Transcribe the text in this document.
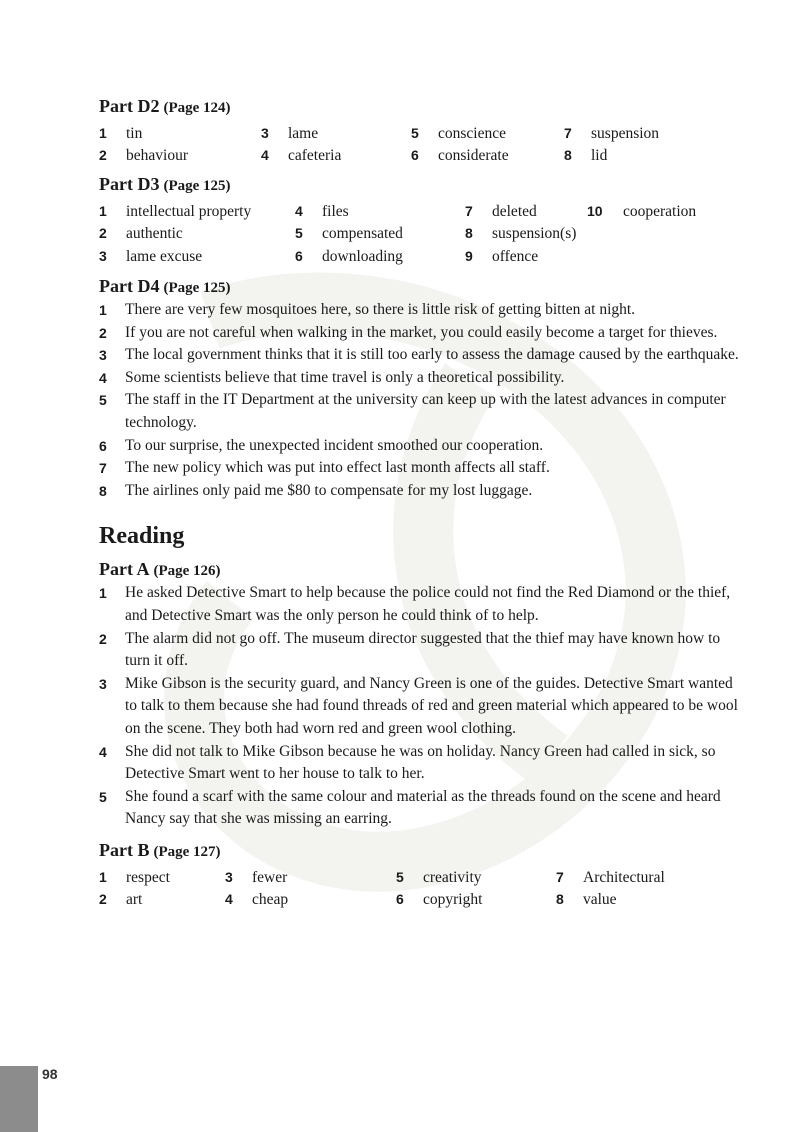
Part D2 (Page 124)
1 tin
2 behaviour
3 lame
4 cafeteria
5 conscience
6 considerate
7 suspension
8 lid
Part D3 (Page 125)
1 intellectual property
2 authentic
3 lame excuse
4 files
5 compensated
6 downloading
7 deleted
8 suspension(s)
9 offence
10 cooperation
Part D4 (Page 125)
1 There are very few mosquitoes here, so there is little risk of getting bitten at night.
2 If you are not careful when walking in the market, you could easily become a target for thieves.
3 The local government thinks that it is still too early to assess the damage caused by the earthquake.
4 Some scientists believe that time travel is only a theoretical possibility.
5 The staff in the IT Department at the university can keep up with the latest advances in computer technology.
6 To our surprise, the unexpected incident smoothed our cooperation.
7 The new policy which was put into effect last month affects all staff.
8 The airlines only paid me $80 to compensate for my lost luggage.
Reading
Part A (Page 126)
1 He asked Detective Smart to help because the police could not find the Red Diamond or the thief, and Detective Smart was the only person he could think of to help.
2 The alarm did not go off. The museum director suggested that the thief may have known how to turn it off.
3 Mike Gibson is the security guard, and Nancy Green is one of the guides. Detective Smart wanted to talk to them because she had found threads of red and green material which appeared to be wool on the scene. They both had worn red and green wool clothing.
4 She did not talk to Mike Gibson because he was on holiday. Nancy Green had called in sick, so Detective Smart went to her house to talk to her.
5 She found a scarf with the same colour and material as the threads found on the scene and heard Nancy say that she was missing an earring.
Part B (Page 127)
1 respect
2 art
3 fewer
4 cheap
5 creativity
6 copyright
7 Architectural
8 value
98
